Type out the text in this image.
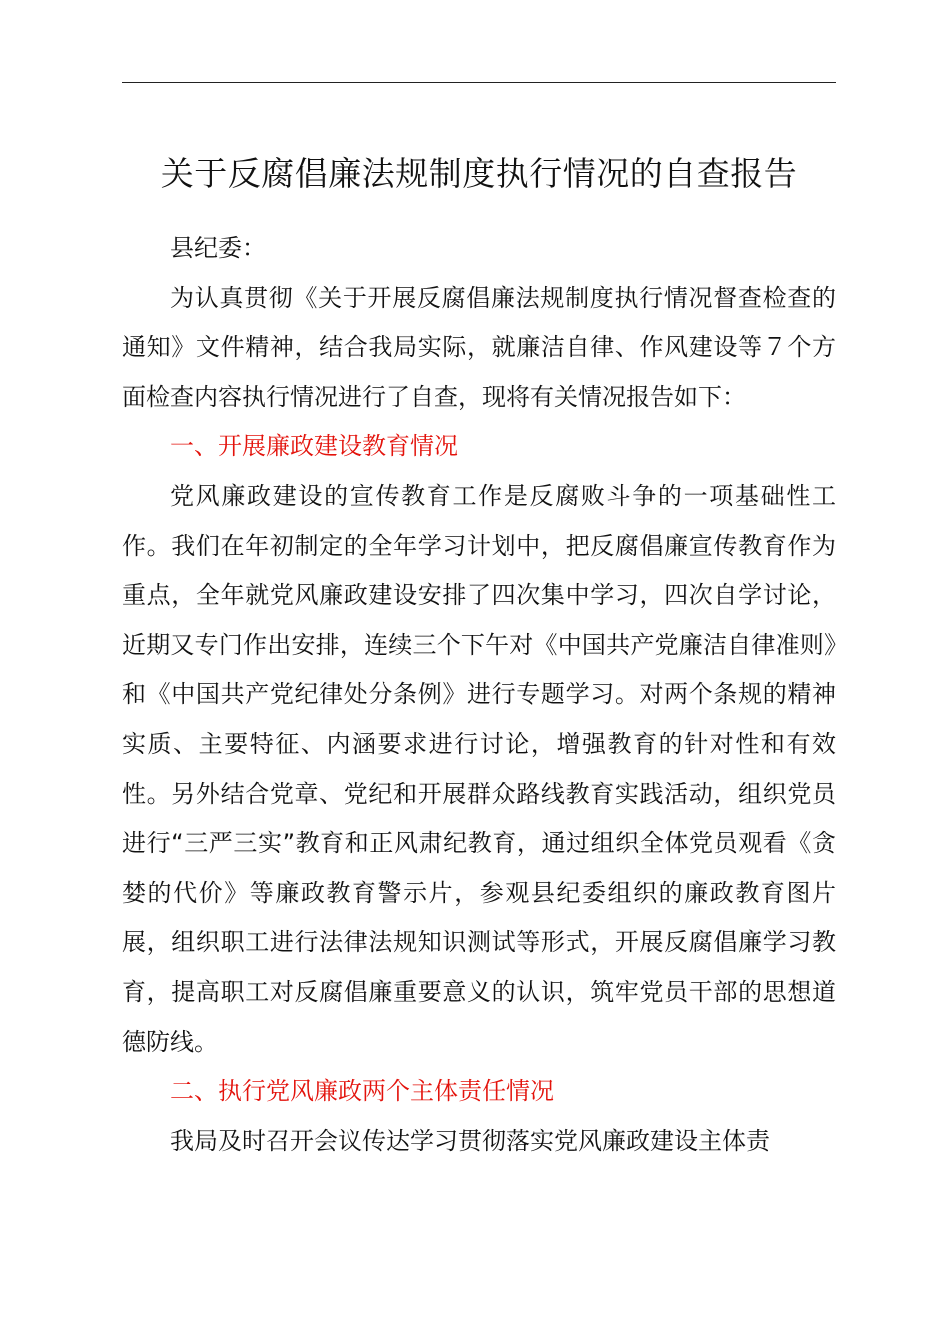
关于反腐倡廉法规制度执行情况的自查报告

县纪委：

为认真贯彻《关于开展反腐倡廉法规制度执行情况督查检查的通知》文件精神，结合我局实际，就廉洁自律、作风建设等７个方面检查内容执行情况进行了自查，现将有关情况报告如下：

一、开展廉政建设教育情况

党风廉政建设的宣传教育工作是反腐败斗争的一项基础性工作。我们在年初制定的全年学习计划中，把反腐倡廉宣传教育作为重点，全年就党风廉政建设安排了四次集中学习，四次自学讨论，近期又专门作出安排，连续三个下午对《中国共产党廉洁自律准则》和《中国共产党纪律处分条例》进行专题学习。对两个条规的精神实质、主要特征、内涵要求进行讨论，增强教育的针对性和有效性。另外结合党章、党纪和开展群众路线教育实践活动，组织党员进行“三严三实”教育和正风肃纪教育，通过组织全体党员观看《贪婪的代价》等廉政教育警示片，参观县纪委组织的廉政教育图片展，组织职工进行法律法规知识测试等形式，开展反腐倡廉学习教育，提高职工对反腐倡廉重要意义的认识，筑牢党员干部的思想道德防线。

二、执行党风廉政两个主体责任情况

我局及时召开会议传达学习贯彻落实党风廉政建设主体责
